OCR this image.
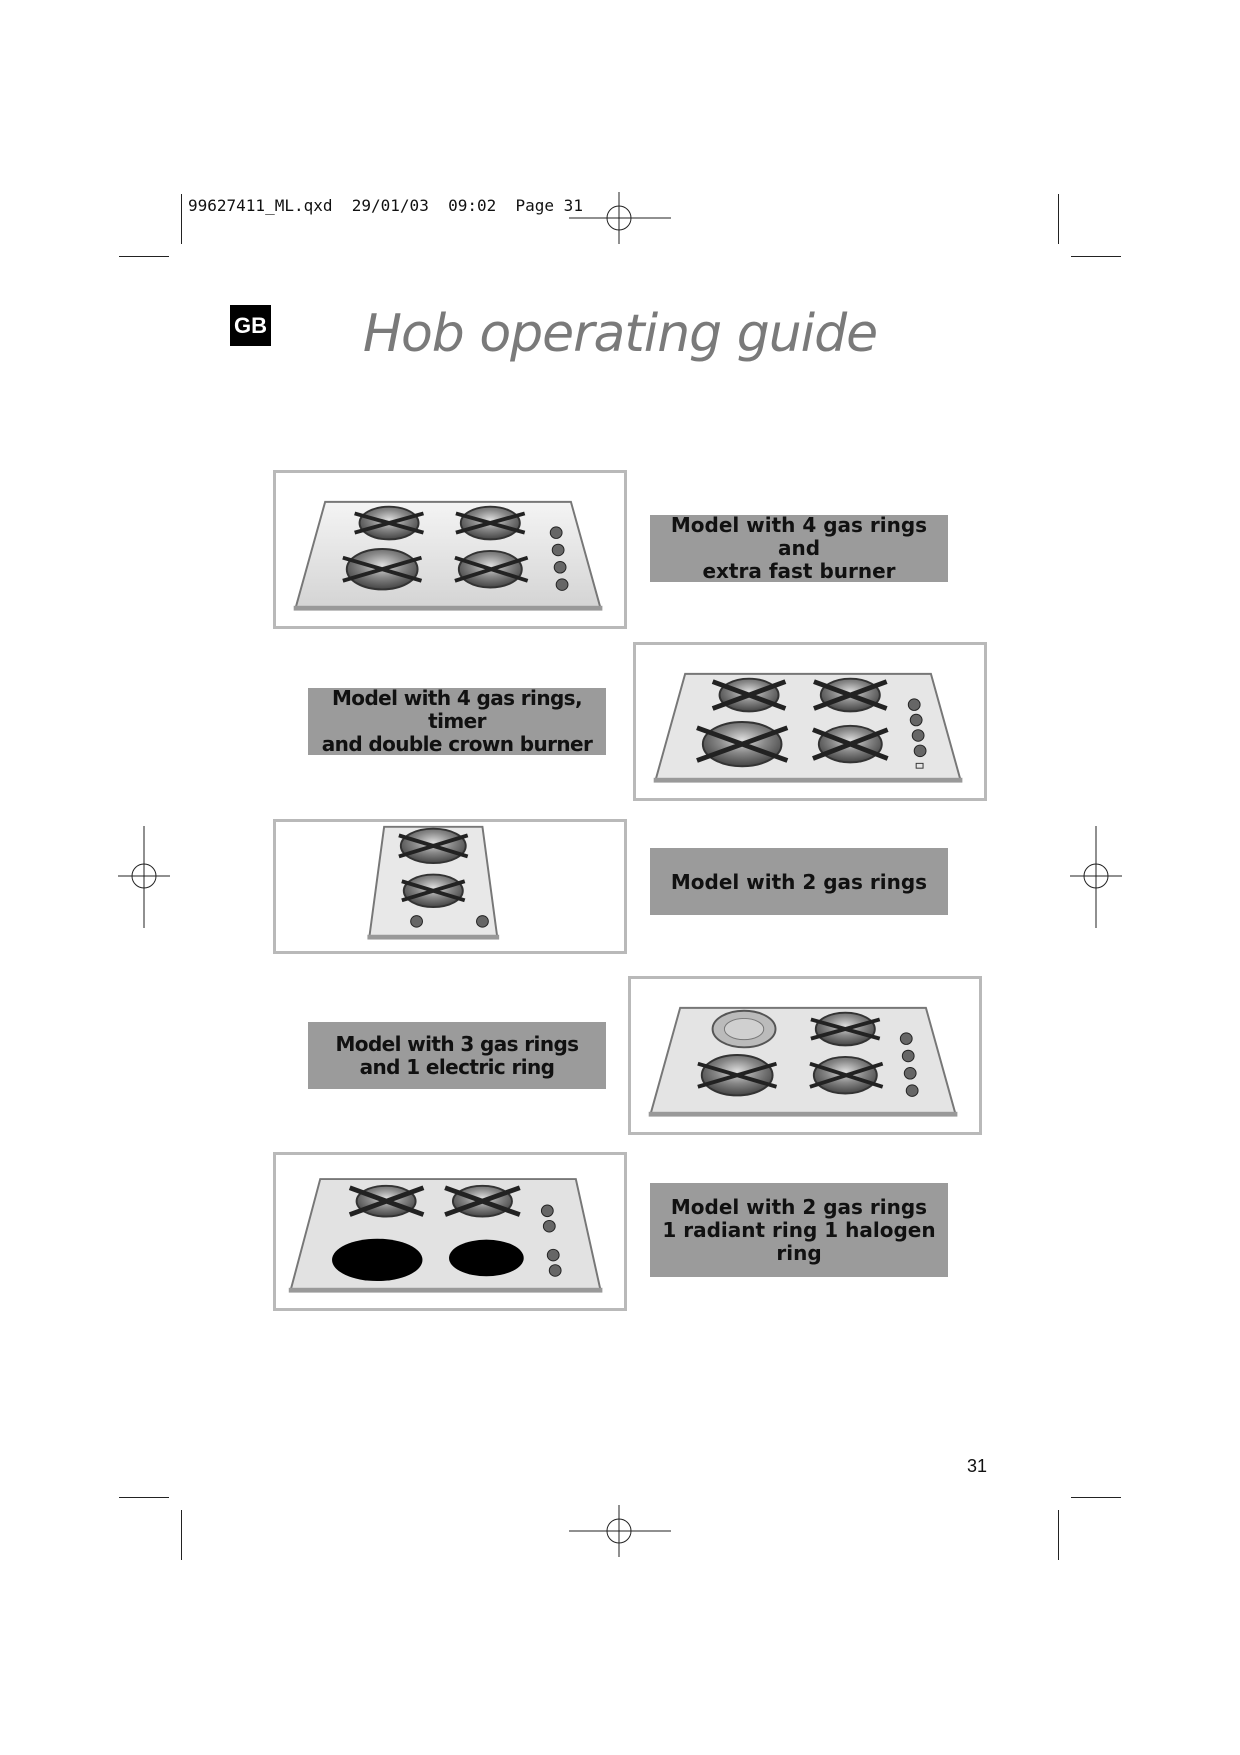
99627411_ML.qxd  29/01/03  09:02  Page 31
GB	Hob operating guide
Model with 4 gas rings and
extra fast burner
Model with 4 gas rings, timer
and double crown burner
Model with 2 gas rings
Model with 3 gas rings
and 1 electric ring
Model with 2 gas rings
1 radiant ring 1 halogen ring
31
